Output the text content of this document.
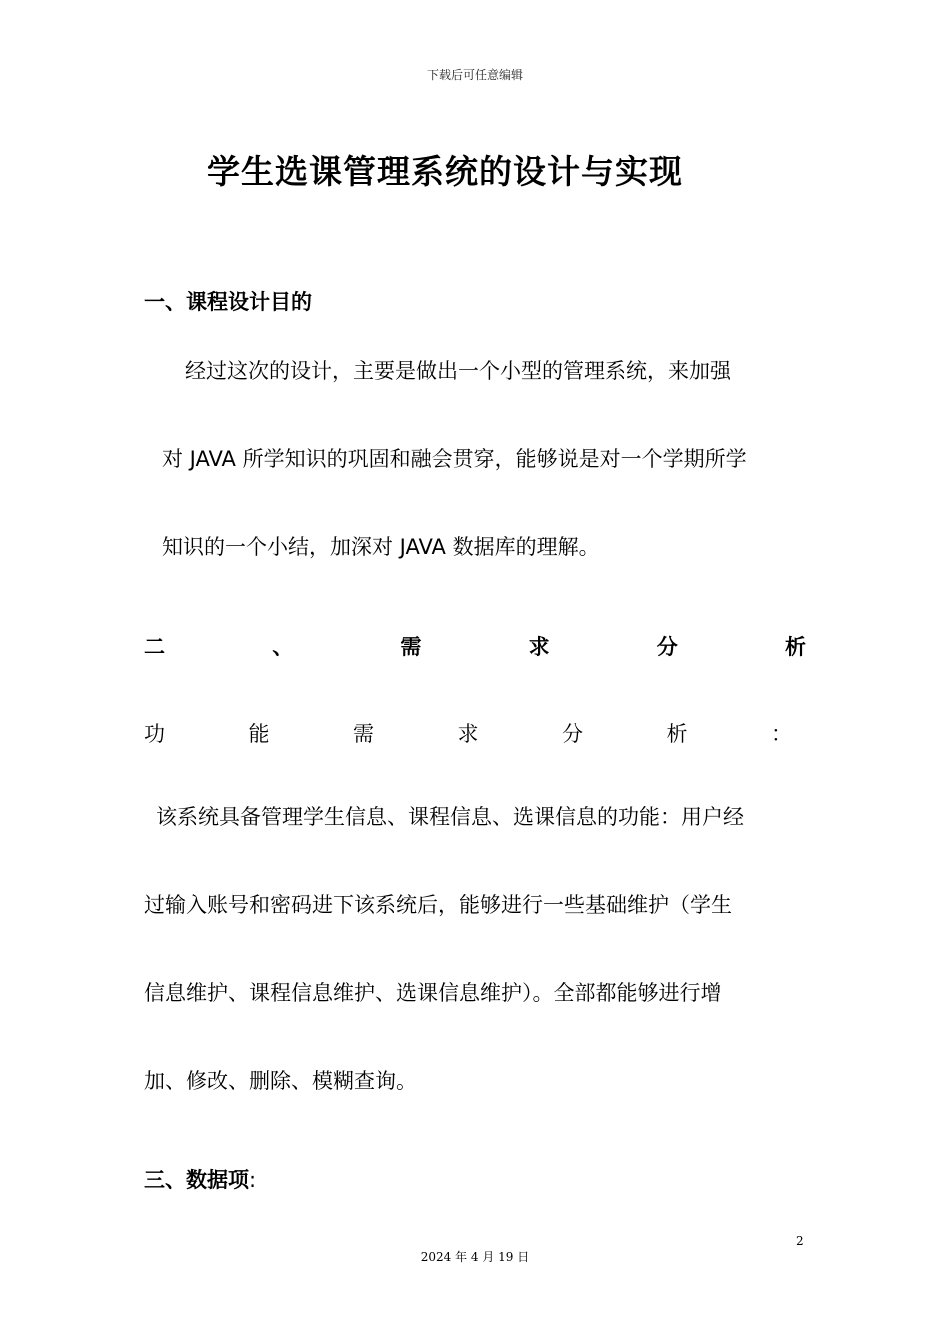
下载后可任意编辑
学生选课管理系统的设计与实现
一、课程设计目的
经过这次的设计，主要是做出一个小型的管理系统，来加强
对 JAVA 所学知识的巩固和融会贯穿，能够说是对一个学期所学
知识的一个小结，加深对 JAVA 数据库的理解。
二	、	需	求	分	析
功	能	需	求	分	析	：
该系统具备管理学生信息、课程信息、选课信息的功能：用户经
过输入账号和密码进下该系统后，能够进行一些基础维护（学生
信息维护、课程信息维护、选课信息维护）。全部都能够进行增
加、修改、删除、模糊查询。
三、数据项:
2
2024 年 4 月 19 日
